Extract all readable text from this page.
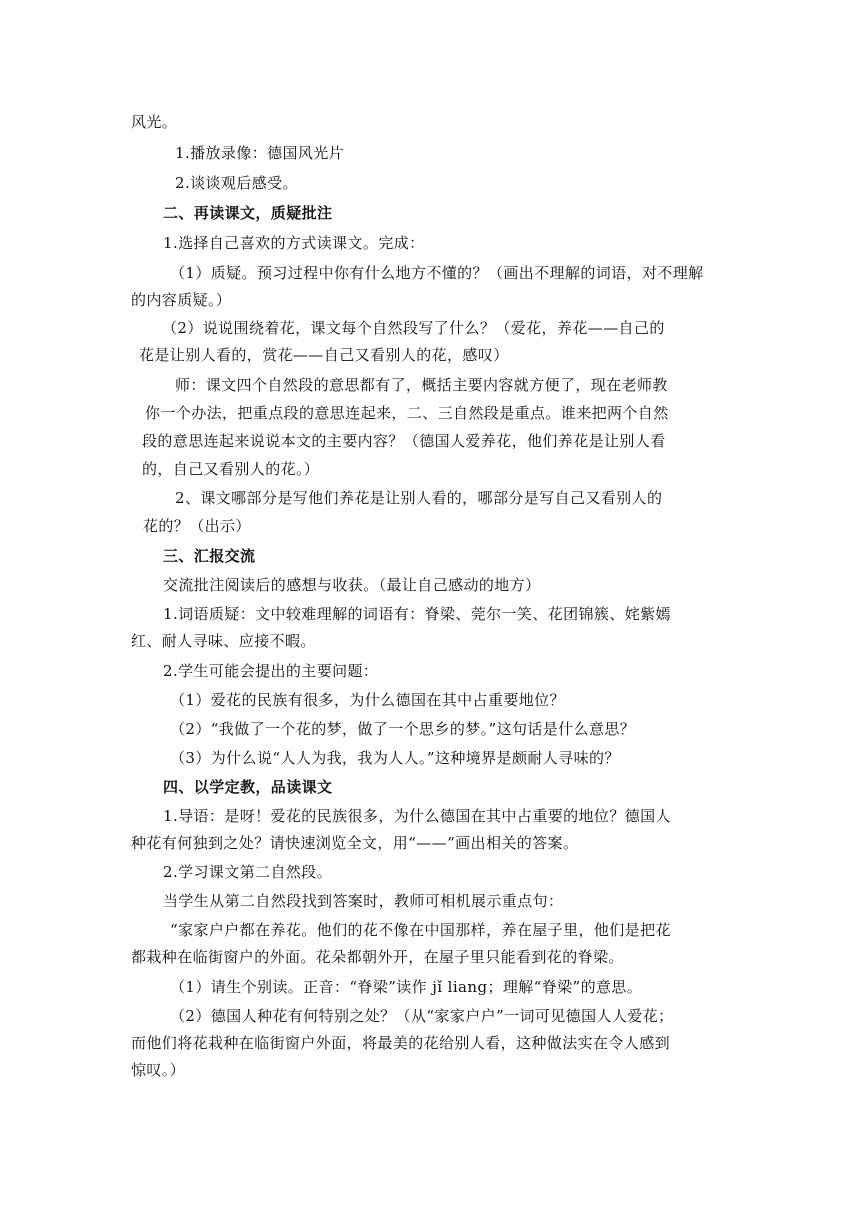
风光。
1.播放录像：德国风光片
2.谈谈观后感受。
二、再读课文，质疑批注
1.选择自己喜欢的方式读课文。完成：
（1）质疑。预习过程中你有什么地方不懂的？（画出不理解的词语，对不理解
的内容质疑。）
（2）说说围绕着花，课文每个自然段写了什么？（爱花，养花——自己的
花是让别人看的，赏花——自己又看别人的花，感叹）
师：课文四个自然段的意思都有了，概括主要内容就方便了，现在老师教
你一个办法，把重点段的意思连起来，二、三自然段是重点。谁来把两个自然
段的意思连起来说说本文的主要内容？（德国人爱养花，他们养花是让别人看
的，自己又看别人的花。）
2、课文哪部分是写他们养花是让别人看的，哪部分是写自己又看别人的
花的？（出示）
三、汇报交流
交流批注阅读后的感想与收获。（最让自己感动的地方）
1.词语质疑：文中较难理解的词语有：脊梁、莞尔一笑、花团锦簇、姹紫嫣
红、耐人寻味、应接不暇。
2.学生可能会提出的主要问题：
（1）爱花的民族有很多，为什么德国在其中占重要地位？
（2）“我做了一个花的梦，做了一个思乡的梦。”这句话是什么意思？
（3）为什么说“人人为我，我为人人。”这种境界是颇耐人寻味的？
四、以学定教，品读课文
1.导语：是呀！爱花的民族很多，为什么德国在其中占重要的地位？德国人
种花有何独到之处？请快速浏览全文，用“——”画出相关的答案。
2.学习课文第二自然段。
当学生从第二自然段找到答案时，教师可相机展示重点句：
“家家户户都在养花。他们的花不像在中国那样，养在屋子里，他们是把花
都栽种在临街窗户的外面。花朵都朝外开，在屋子里只能看到花的脊梁。
（1）请生个别读。正音：“脊梁”读作 jǐ liang；理解“脊梁”的意思。
（2）德国人种花有何特别之处？（从“家家户户”一词可见德国人人爱花；
而他们将花栽种在临街窗户外面，将最美的花给别人看，这种做法实在令人感到
惊叹。）
